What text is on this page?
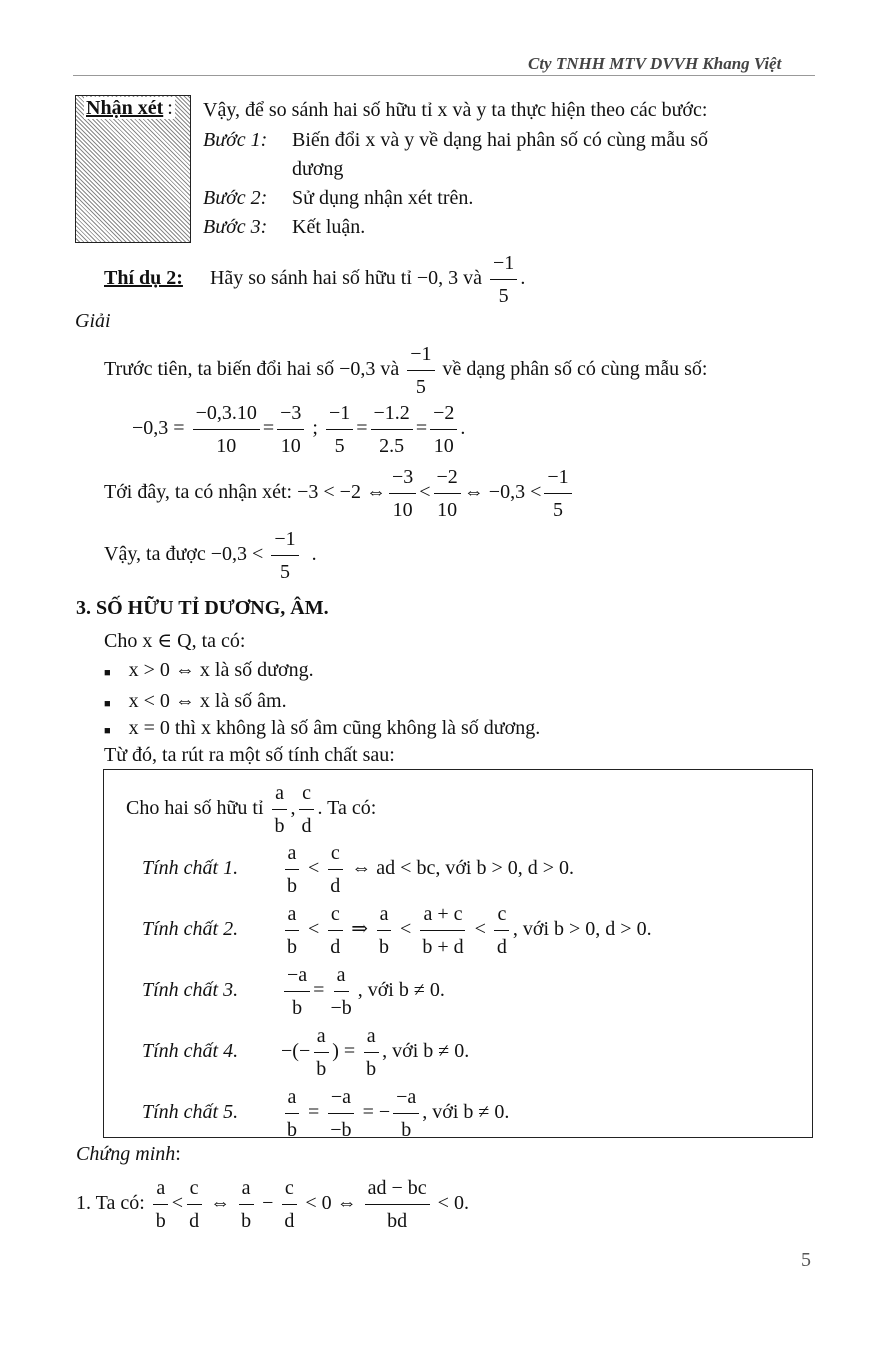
Cty TNHH MTV DVVH Khang Việt
Nhận xét : Vậy, để so sánh hai số hữu tỉ x và y ta thực hiện theo các bước:
Bước 1: Biến đổi x và y về dạng hai phân số có cùng mẫu số
dương
Bước 2: Sử dụng nhận xét trên.
Bước 3: Kết luận.
Thí dụ 2: Hãy so sánh hai số hữu tỉ −0, 3 và $\frac{-1}{5}$ .
Giải
Trước tiên, ta biến đổi hai số −0,3 và $\frac{-1}{5}$ về dạng phân số có cùng mẫu số:
$-0,3 = \frac{-0,3.10}{10} = \frac{-3}{10}$ ; $\frac{-1}{5} = \frac{-1.2}{2.5} = \frac{-2}{10}$ .
Tới đây, ta có nhận xét: −3 < −2 ⇔ $\frac{-3}{10} < \frac{-2}{10}$ ⇔ $-0,3 < \frac{-1}{5}$
Vậy, ta được $-0,3 < \frac{-1}{5}$ .
3. SỐ HỮU TỈ DƯƠNG, ÂM.
Cho x ∈ Q, ta có:
■ x > 0 ⇔ x là số dương.
■ x < 0 ⇔ x là số âm.
■ x = 0 thì x không là số âm cũng không là số dương.
Từ đó, ta rút ra một số tính chất sau:
Cho hai số hữu tỉ $\frac{a}{b}$ , $\frac{c}{d}$ . Ta có:
Tính chất 1. $\frac{a}{b} < \frac{c}{d}$ ⇔ ad < bc, với b > 0, d > 0.
Tính chất 2. $\frac{a}{b} < \frac{c}{d}$ ⇒ $\frac{a}{b} < \frac{a + c}{b + d} < \frac{c}{d}$ , với b > 0, d > 0.
Tính chất 3. $\frac{-a}{b} = \frac{a}{-b}$ , với b ≠ 0.
Tính chất 4. −(− $\frac{a}{b}$ ) = $\frac{a}{b}$ , với b ≠ 0.
Tính chất 5. $\frac{a}{b} = \frac{-a}{-b}$ = − $\frac{-a}{b}$ , với b ≠ 0.
Chứng minh:
1. Ta có: $\frac{a}{b} < \frac{c}{d}$ ⇔ $\frac{a}{b} - \frac{c}{d} < 0$ ⇔ $\frac{ad - bc}{bd} < 0$.
5
